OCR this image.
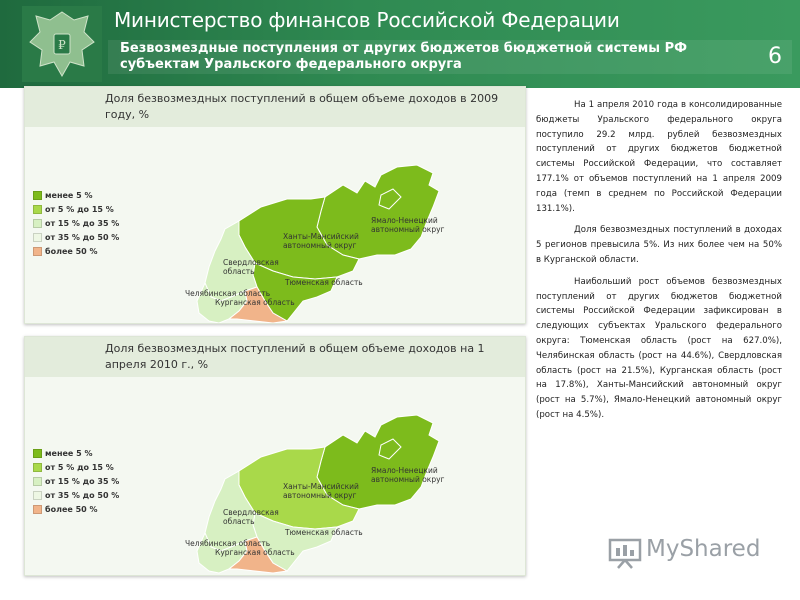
₽
Министерство финансов Российской Федерации
Безвозмездные поступления от других бюджетов бюджетной системы РФ субъектам Уральского федерального округа	6
Доля безвозмездных поступлений в общем объеме доходов в 2009 году, %
менее 5 %
от 5 % до 15 %
от 15 % до 35 %
от 35 % до 50 %
более 50 %
Ямало-Ненецкий автономный округ
Ханты-Мансийский автономный округ
Свердловская область
Тюменская область
Челябинская область
Курганская область
Доля безвозмездных поступлений в общем объеме доходов на 1 апреля 2010 г., %
менее 5 %
от 5 % до 15 %
от 15 % до 35 %
от 35 % до 50 %
более 50 %
Ямало-Ненецкий автономный округ
Ханты-Мансийский автономный округ
Свердловская область
Тюменская область
Челябинская область
Курганская область

На 1 апреля 2010 года в консолидированные бюджеты Уральского федерального округа поступило 29.2 млрд. рублей безвозмездных поступлений от других бюджетов бюджетной системы Российской Федерации, что составляет 177.1% от объемов поступлений на 1 апреля 2009 года (темп в среднем по Российской Федерации 131.1%).

Доля безвозмездных поступлений в доходах 5 регионов превысила 5%. Из них более чем на 50% в Курганской области.

Наибольший рост объемов безвозмездных поступлений от других бюджетов бюджетной системы Российской Федерации зафиксирован в следующих субъектах Уральского федерального округа: Тюменская область (рост на 627.0%), Челябинская область (рост на 44.6%), Свердловская область (рост на 21.5%), Курганская область (рост на 17.8%), Ханты-Мансийский автономный округ (рост на 5.7%), Ямало-Ненецкий автономный округ (рост на 4.5%).

MyShared
